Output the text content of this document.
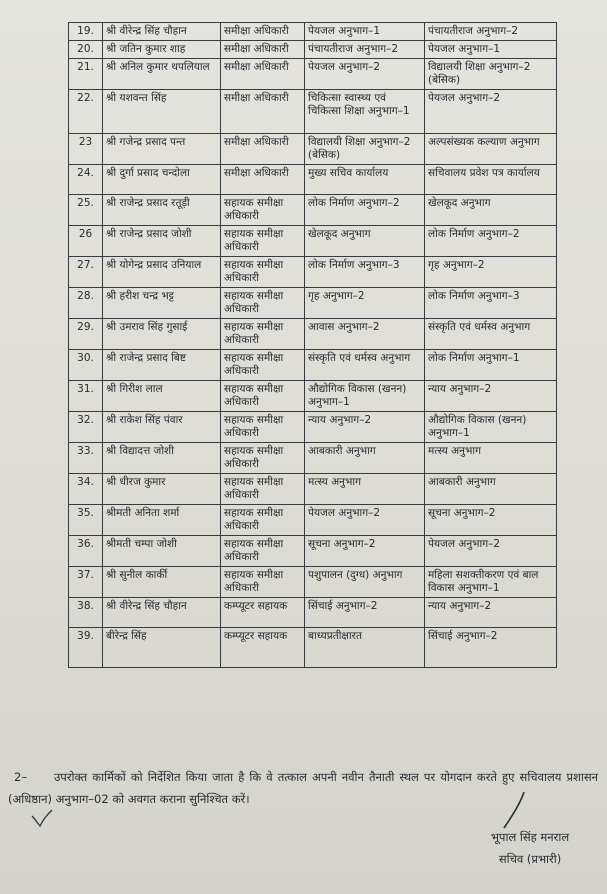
19.	श्री वीरेन्द्र सिंह चौहान	समीक्षा अधिकारी	पेयजल अनुभाग–1	पंचायतीराज अनुभाग–2
20.	श्री जतिन कुमार शाह	समीक्षा अधिकारी	पंचायतीराज अनुभाग–2	पेयजल अनुभाग–1
21.	श्री अनिल कुमार थपलियाल	समीक्षा अधिकारी	पेयजल अनुभाग–2	विद्यालयी शिक्षा अनुभाग–2 (बेसिक)
22.	श्री यशवन्त सिंह	समीक्षा अधिकारी	चिकित्सा स्वास्थ्य एवं चिकित्सा शिक्षा अनुभाग–1	पेयजल अनुभाग–2
23	श्री गजेन्द्र प्रसाद पन्त	समीक्षा अधिकारी	विद्यालयी शिक्षा अनुभाग–2 (बेसिक)	अल्पसंख्यक कल्याण अनुभाग
24.	श्री दुर्गा प्रसाद चन्दोला	समीक्षा अधिकारी	मुख्य सचिव कार्यालय	सचिवालय प्रवेश पत्र कार्यालय
25.	श्री राजेन्द्र प्रसाद रतूड़ी	सहायक समीक्षा अधिकारी	लोक निर्माण अनुभाग–2	खेलकूद अनुभाग
26	श्री राजेन्द्र प्रसाद जोशी	सहायक समीक्षा अधिकारी	खेलकूद अनुभाग	लोक निर्माण अनुभाग–2
27.	श्री योगेन्द्र प्रसाद उनियाल	सहायक समीक्षा अधिकारी	लोक निर्माण अनुभाग–3	गृह अनुभाग–2
28.	श्री हरीश चन्द्र भट्ट	सहायक समीक्षा अधिकारी	गृह अनुभाग–2	लोक निर्माण अनुभाग–3
29.	श्री उमराव सिंह गुसाई	सहायक समीक्षा अधिकारी	आवास अनुभाग–2	संस्कृति एवं धर्मस्व अनुभाग
30.	श्री राजेन्द्र प्रसाद बिष्ट	सहायक समीक्षा अधिकारी	संस्कृति एवं धर्मस्व अनुभाग	लोक निर्माण अनुभाग–1
31.	श्री गिरीश लाल	सहायक समीक्षा अधिकारी	औद्योगिक विकास (खनन) अनुभाग–1	न्याय अनुभाग–2
32.	श्री राकेश सिंह पंवार	सहायक समीक्षा अधिकारी	न्याय अनुभाग–2	औद्योगिक विकास (खनन) अनुभाग–1
33.	श्री विद्यादत्त जोशी	सहायक समीक्षा अधिकारी	आबकारी अनुभाग	मत्स्य अनुभाग
34.	श्री धीरज कुमार	सहायक समीक्षा अधिकारी	मत्स्य अनुभाग	आबकारी अनुभाग
35.	श्रीमती अनिता शर्मा	सहायक समीक्षा अधिकारी	पेयजल अनुभाग–2	सूचना अनुभाग–2
36.	श्रीमती चम्पा जोशी	सहायक समीक्षा अधिकारी	सूचना अनुभाग–2	पेयजल अनुभाग–2
37.	श्री सुनील कार्की	सहायक समीक्षा अधिकारी	पशुपालन (दुग्ध) अनुभाग	महिला सशक्तीकरण एवं बाल विकास अनुभाग–1
38.	श्री वीरेन्द्र सिंह चौहान	कम्प्यूटर सहायक	सिंचाई अनुभाग–2	न्याय अनुभाग–2
39.	बीरेन्द्र सिंह	कम्प्यूटर सहायक	बाध्यप्रतीक्षारत	सिंचाई अनुभाग–2
2– उपरोक्त कार्मिकों को निर्देशित किया जाता है कि वे तत्काल अपनी नवीन तैनाती स्थल पर योगदान करते हुए सचिवालय प्रशासन (अधिष्ठान) अनुभाग–02 को अवगत कराना सुनिश्चित करें।
भूपाल सिंह मनराल
सचिव (प्रभारी)
